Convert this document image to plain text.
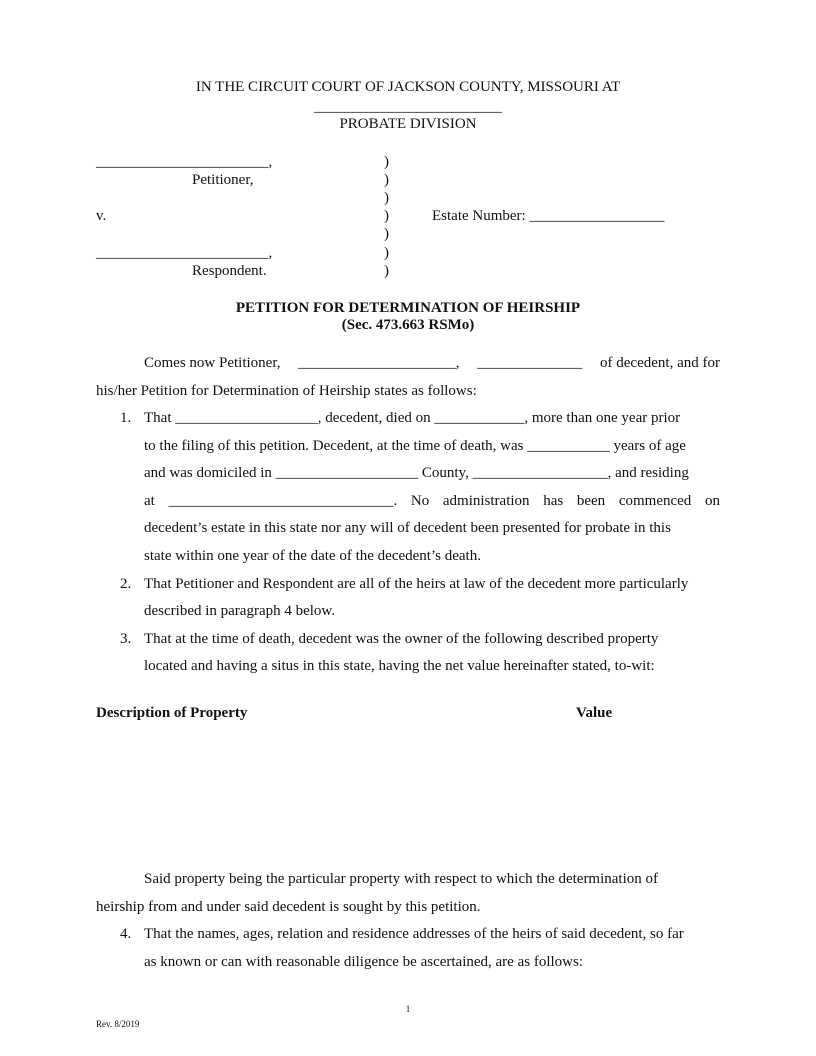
IN THE CIRCUIT COURT OF JACKSON COUNTY, MISSOURI AT
_________________________
PROBATE DIVISION
_______________________,
Petitioner,
v.
_______________________,
Respondent.
)
)
)
)
)
)
)
Estate Number: __________________
PETITION FOR DETERMINATION OF HEIRSHIP
(Sec. 473.663 RSMo)
Comes now Petitioner, _____________________, ______________ of decedent, and for
his/her Petition for Determination of Heirship states as follows:
1. That ___________________, decedent, died on ____________, more than one year prior
to the filing of this petition. Decedent, at the time of death, was ___________ years of age
and was domiciled in ___________________ County, __________________, and residing
at ______________________________. No administration has been commenced on
decedent’s estate in this state nor any will of decedent been presented for probate in this
state within one year of the date of the decedent’s death.
2. That Petitioner and Respondent are all of the heirs at law of the decedent more particularly
described in paragraph 4 below.
3. That at the time of death, decedent was the owner of the following described property
located and having a situs in this state, having the net value hereinafter stated, to-wit:
Description of Property	Value
Said property being the particular property with respect to which the determination of
heirship from and under said decedent is sought by this petition.
4. That the names, ages, relation and residence addresses of the heirs of said decedent, so far
as known or can with reasonable diligence be ascertained, are as follows:
1
Rev. 8/2019
